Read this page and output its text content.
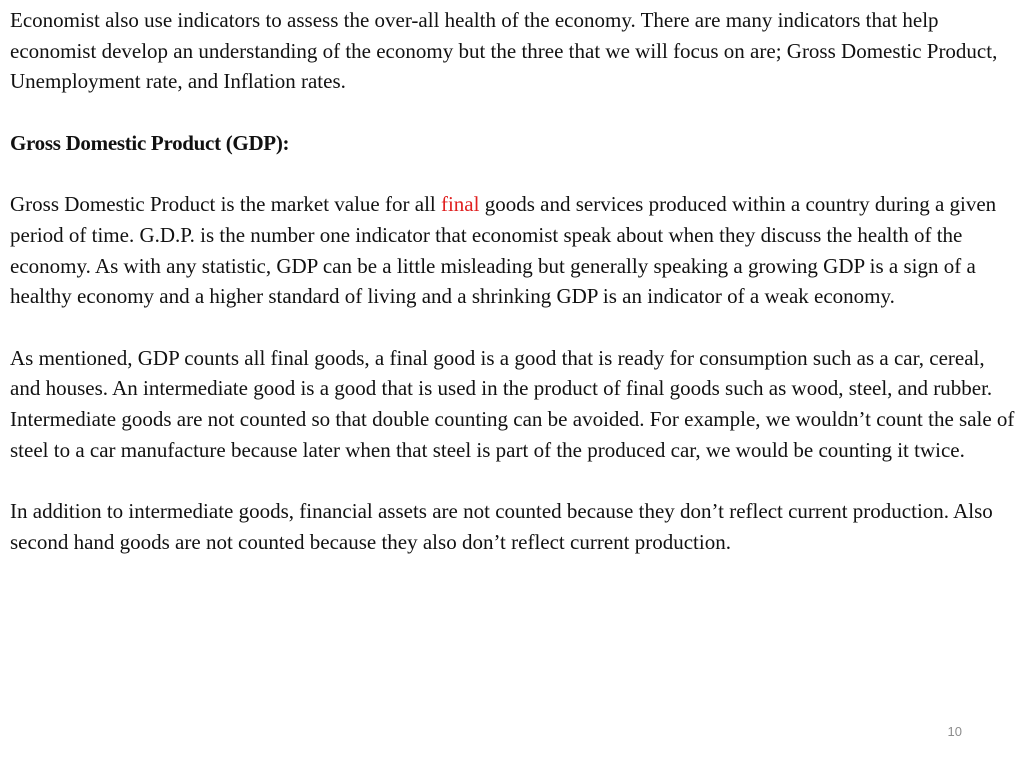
Economist also use indicators to assess the over-all health of the economy. There are many indicators that help economist develop an understanding of the economy but the three that we will focus on are; Gross Domestic Product, Unemployment rate, and Inflation rates.

Gross Domestic Product (GDP):

Gross Domestic Product is the market value for all final goods and services produced within a country during a given period of time. G.D.P. is the number one indicator that economist speak about when they discuss the health of the economy. As with any statistic, GDP can be a little misleading but generally speaking a growing GDP is a sign of a healthy economy and a higher standard of living and a shrinking GDP is an indicator of a weak economy.

As mentioned, GDP counts all final goods, a final good is a good that is ready for consumption such as a car, cereal, and houses. An intermediate good is a good that is used in the product of final goods such as wood, steel, and rubber. Intermediate goods are not counted so that double counting can be avoided. For example, we wouldn’t count the sale of steel to a car manufacture because later when that steel is part of the produced car, we would be counting it twice.

In addition to intermediate goods, financial assets are not counted because they don’t reflect current production. Also second hand goods are not counted because they also don’t reflect current production.

10
